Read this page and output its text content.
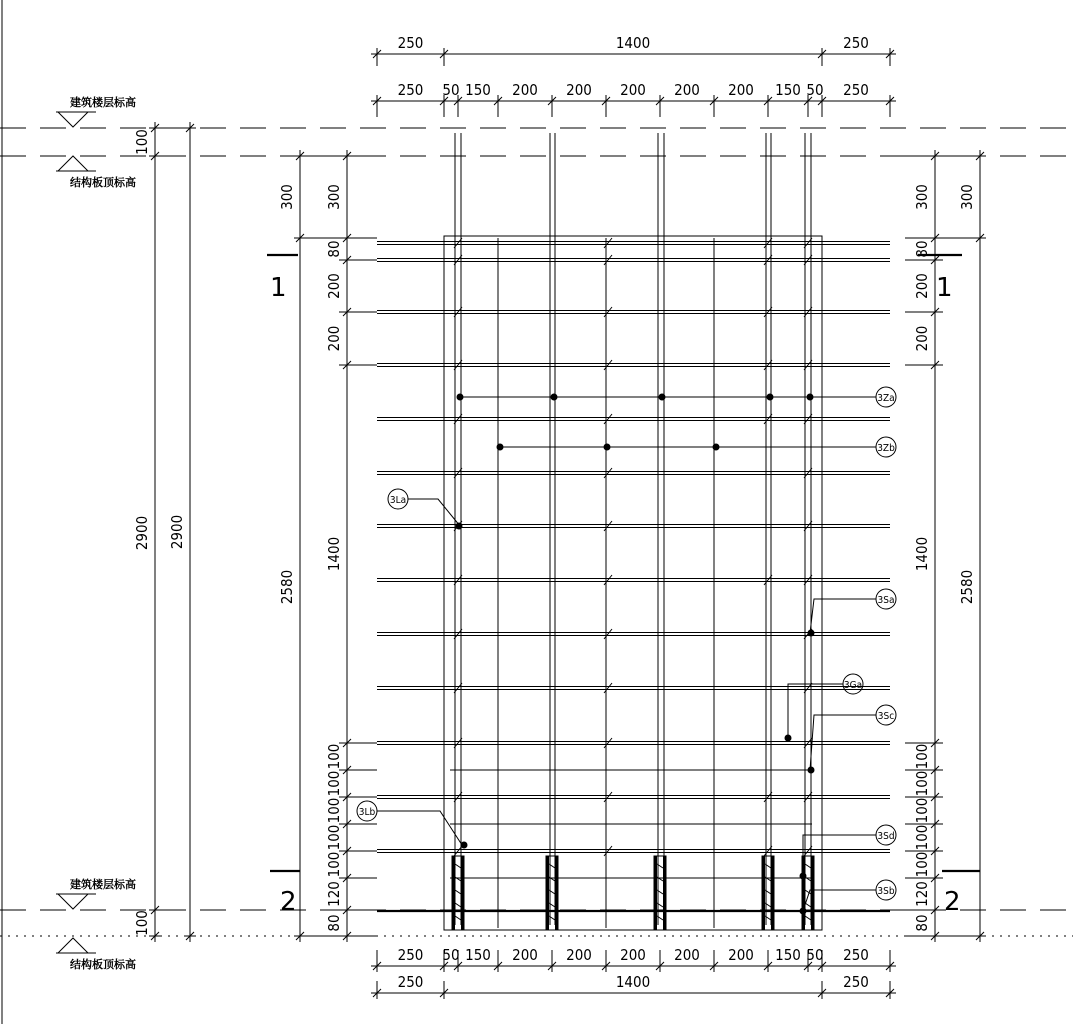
建筑楼层标高
结构板顶标高
建筑楼层标高
结构板顶标高
1	1
2	2
250	1400	250
250 50 150 200 200 200 200 200 150 50 250
250 50 150 200 200 200 200 200 150 50 250
250	1400	250
100
2900
100
2900
300
2580
300
80
200
200
1400
100
100
100
100
100
120
80
300
2580
300
80
200
200
1400
100
100
100
100
100
120
80
3Za
3Zb
3La
3Sa
3Ga
3Sc
3Lb
3Sd
3Sb
